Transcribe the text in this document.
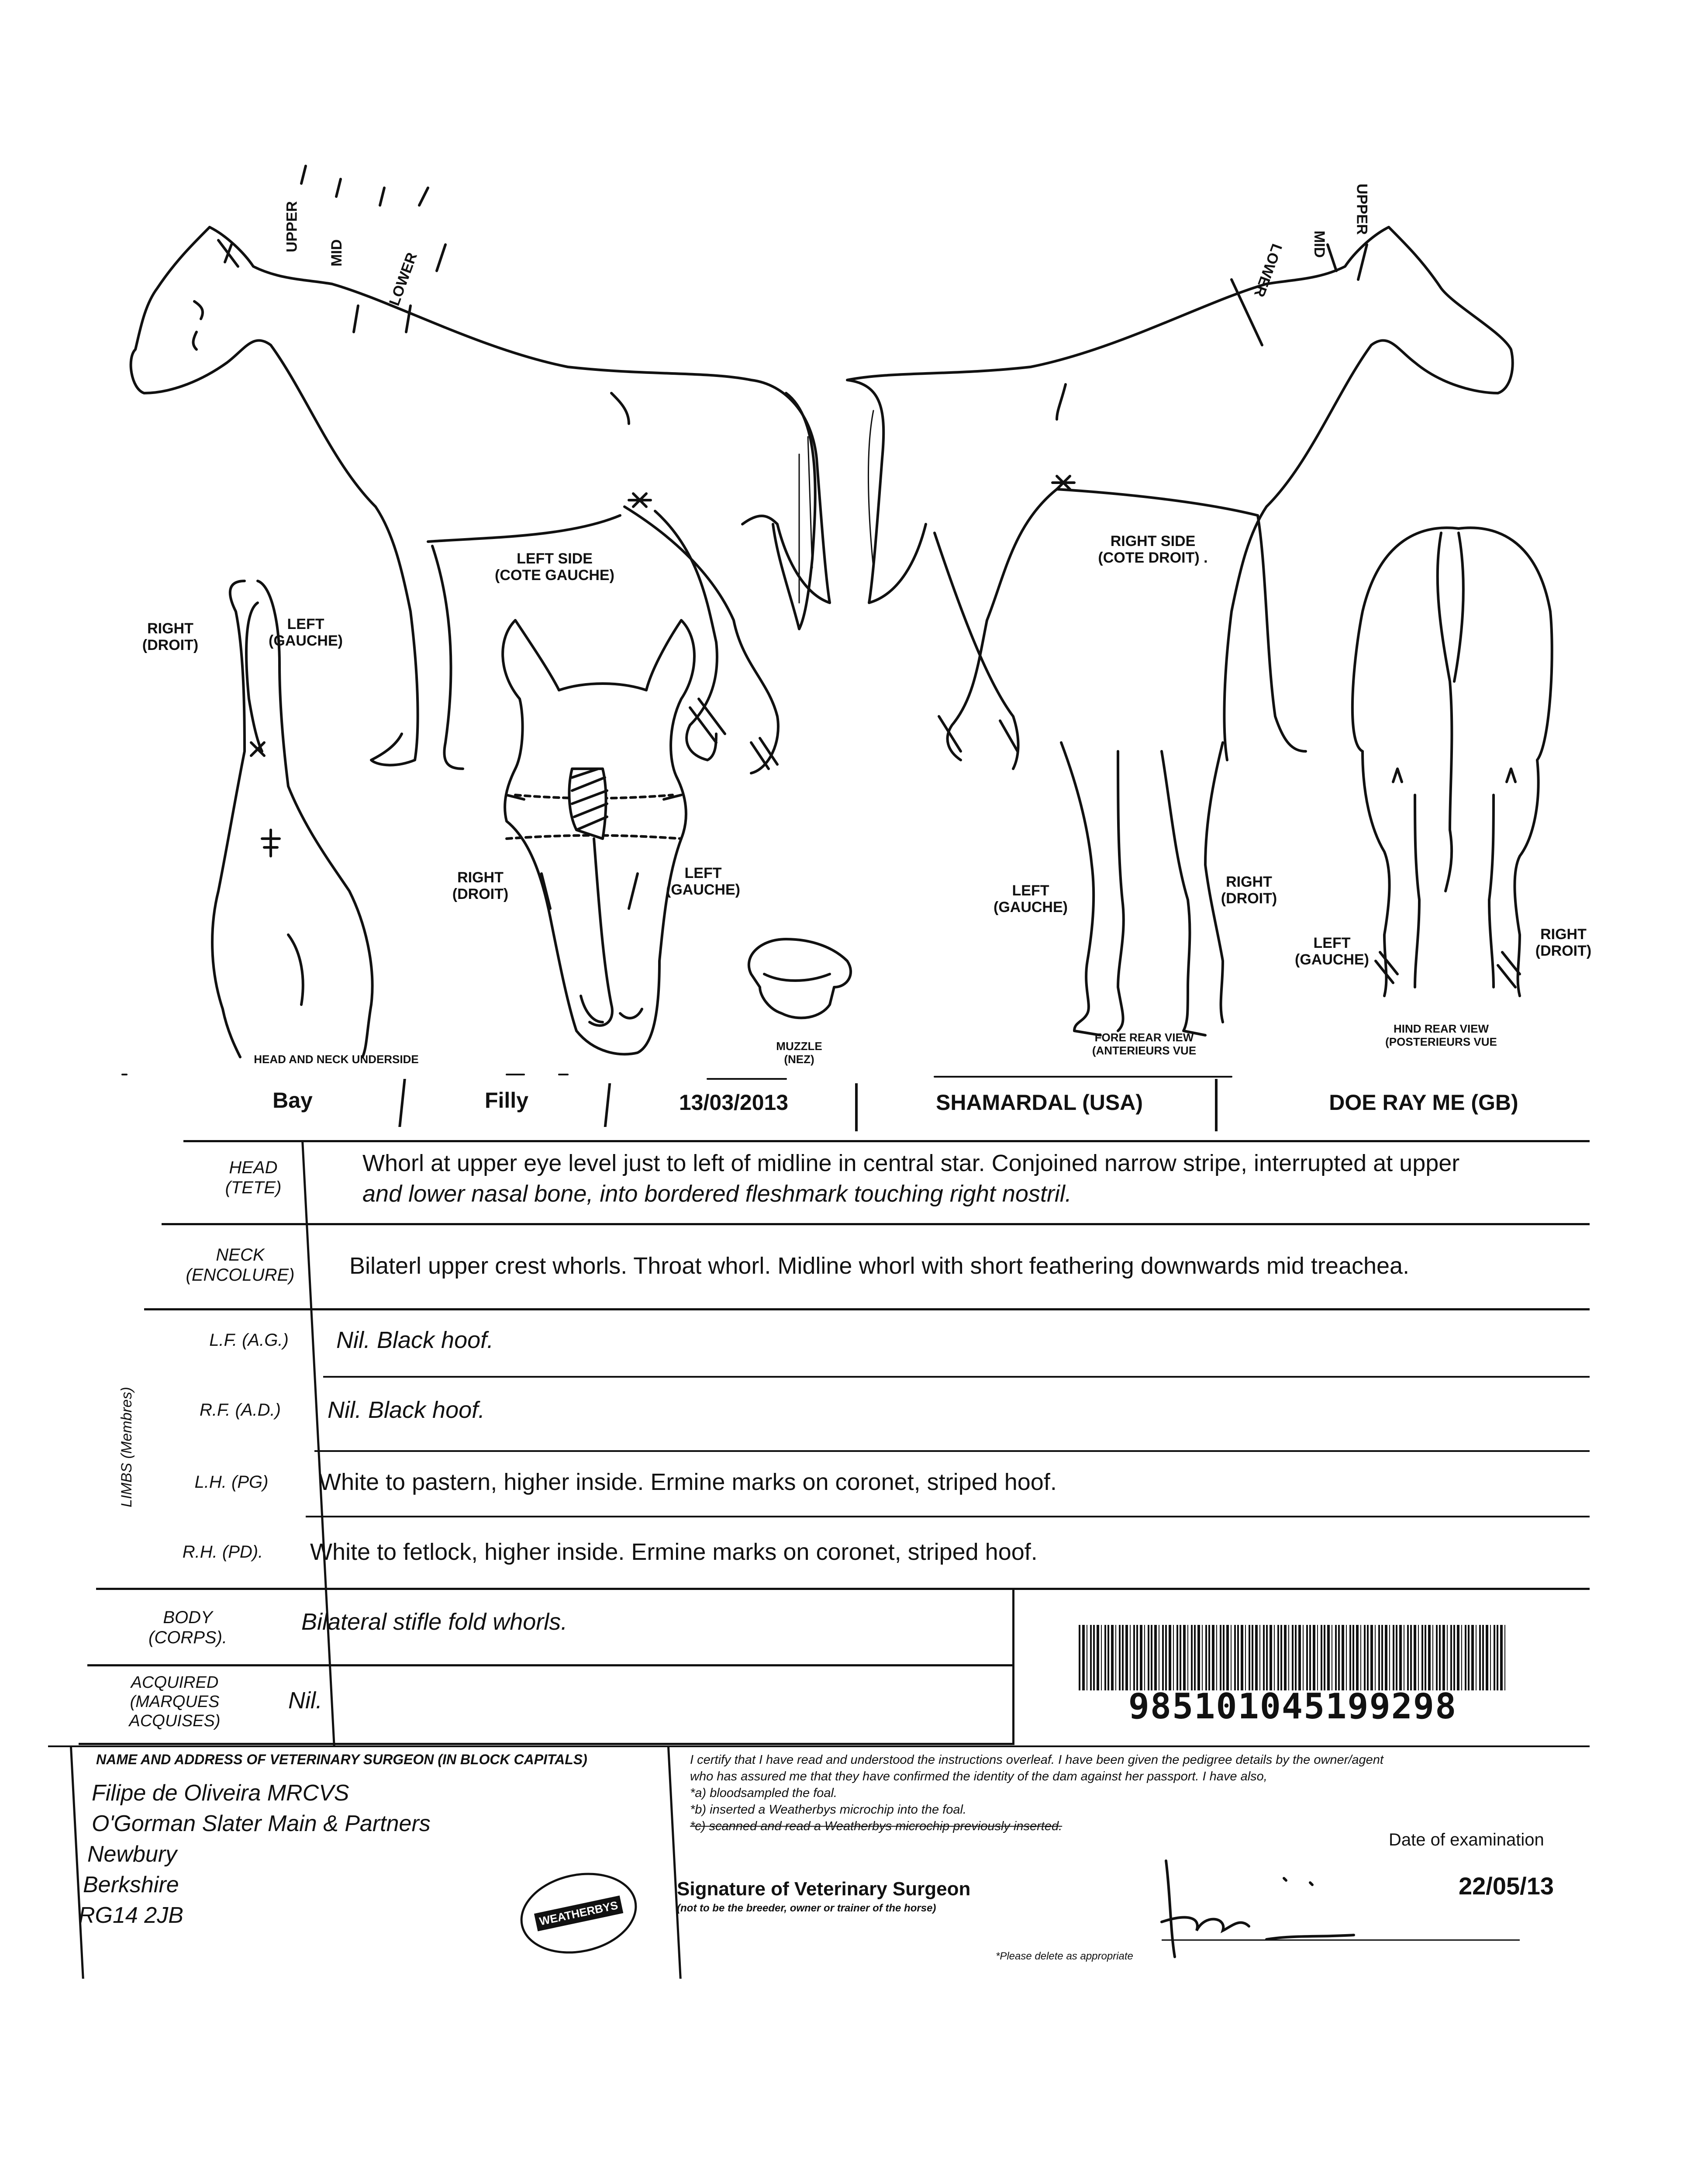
LEFT SIDE
(COTE GAUCHE)
RIGHT SIDE
(COTE DROIT) .
UPPER
MID	LOWER
UPPER
MID
LOWER
RIGHT
(DROIT)
LEFT
(GAUCHE)
RIGHT
(DROIT)
LEFT
(GAUCHE)	LEFT
(GAUCHE)
RIGHT
(DROIT)
LEFT
(GAUCHE)
RIGHT
(DROIT)
HEAD AND NECK UNDERSIDE
MUZZLE
(NEZ)
FORE REAR VIEW
(ANTERIEURS VUE
HIND REAR VIEW
(POSTERIEURS VUE
Bay	Filly	13/03/2013	SHAMARDAL (USA)	DOE RAY ME (GB)
HEAD
(TETE)
Whorl at upper eye level just to left of midline in central star. Conjoined narrow stripe, interrupted at upper
and lower nasal bone, into bordered fleshmark touching right nostril.
NECK
(ENCOLURE)	Bilaterl upper crest whorls. Throat whorl. Midline whorl with short feathering downwards mid treachea.
LIMBS (Membres)
L.F. (A.G.)	Nil. Black hoof.
R.F. (A.D.)	Nil. Black hoof.
L.H. (PG)	White to pastern, higher inside. Ermine marks on coronet, striped hoof.
R.H. (PD).	White to fetlock, higher inside. Ermine marks on coronet, striped hoof.
BODY
(CORPS).
Bilateral stifle fold whorls.
ACQUIRED
(MARQUES
ACQUISES)
Nil.	985101045199298
NAME AND ADDRESS OF VETERINARY SURGEON (IN BLOCK CAPITALS)
Filipe de Oliveira MRCVS
O'Gorman Slater Main & Partners
Newbury
Berkshire
RG14 2JB	WEATHERBYS
I certify that I have read and understood the instructions overleaf. I have been given the pedigree details by the owner/agent
who has assured me that they have confirmed the identity of the dam against her passport. I have also,
*a) bloodsampled the foal.
*b) inserted a Weatherbys microchip into the foal.
*c) scanned and read a Weatherbys microchip previously inserted.
Date of examination
22/05/13
Signature of Veterinary Surgeon
(not to be the breeder, owner or trainer of the horse)
*Please delete as appropriate
